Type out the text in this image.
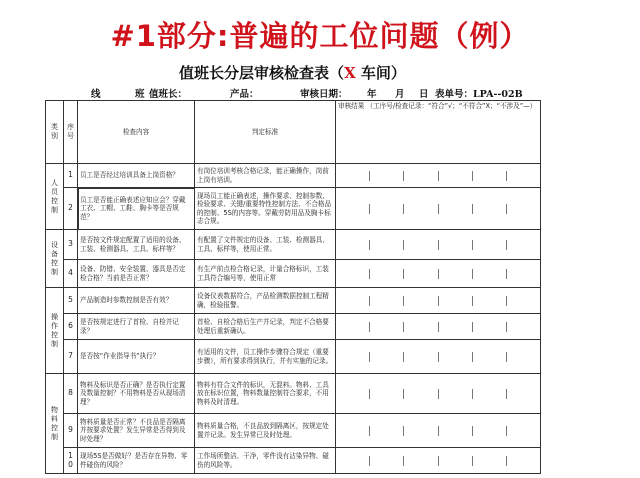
#1部分:普遍的工位问题（例）
值班长分层审核检查表（X 车间）
线	班 值班长：	产品：	审核日期： 年 月 日 表单号：LPA--02B
类别	序号	检查内容	判定标准	审核结果 （工序号/检查记录：“符合”√；“不符合”X；“不涉及”—）
人员控制	1	员工是否经过培训具备上岗资格？	有岗位培训考核合格记录，能正确操作，岗前上岗有培训。	

	2	员工是否能正确表述应知应会？穿戴工衣、工帽、工鞋、胸卡等是否规范？	现场员工能正确表述，操作要求、控制参数、检验要求、关键/重要特性控制方法、不合格品的控制、5S的内容等。穿戴劳防用品及胸卡标志合规。	

设备控制	3	是否按文件规定配置了适用的设备、工装、检测器具、工具、标样等？	有配置了文件规定的设备、工装、检测器具、工具、标样等，使用正常。	

	4	设备、防错、安全装置、器具是否定检合格？当前是否正常？	有生产前点检合格记录，计量合格标识，工装工具符合编号等，使用正常	

操作控制	5	产品制造时参数控制是否有效？	设备仪表数据符合，产品检测数据控制工程精确，检验报警。	

	6	是否按规定进行了首检、自检并记录？	首检、自检合格后生产并记录，判定不合格要处理后重新确认。	

	7	是否按“作业指导书”执行？	有适用的文件，员工操作步骤符合规定（重要步骤），所有要求得到执行，并有实施的记录。	

物料控制	8	物料及标识是否正确？是否执行定置及数量控制？不用物料是否从现场清理？	物料有符合文件的标识，无混料。物料、工具放在标识位置，物料数量控制符合要求，不用物料及时清理。	

	9	物料质量是否正常？不良品是否隔离并按要求处置？发生异常是否得到及时处理？	物料质量合格，不良品放到隔离区，按规定处置并记录。发生异常已及时处理。	

	10	现场5S是否做好？是否存在异物、零件碰伤的风险？	工作场所整洁、干净，零件没有沾染异物、碰伤的风险等。	
